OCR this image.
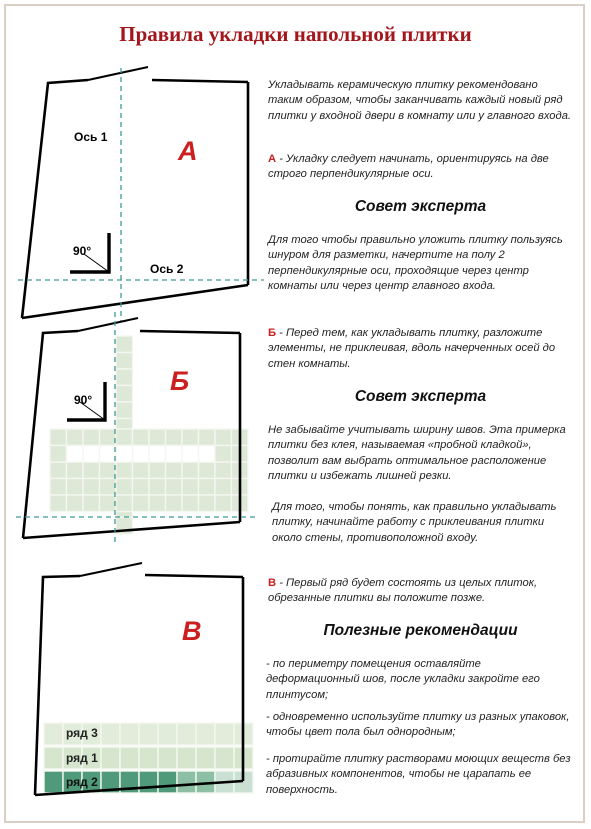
Правила укладки напольной плитки
Ось 1
Ось 2
90°
А
90°
Б
ряд 3
ряд 1
ряд 2
В

Укладывать керамическую плитку рекомендовано таким образом, чтобы заканчивать каждый новый ряд плитки у входной двери в комнату или у главного входа.

А - Укладку следует начинать, ориентируясь на две строго перпендикулярные оси.

Совет эксперта

Для того чтобы правильно уложить плитку пользуясь шнуром для разметки, начертите на полу 2 перпендикулярные оси, проходящие через центр комнаты или через центр главного входа.

Б - Перед тем, как укладывать плитку, разложите элементы, не приклеивая, вдоль начерченных осей до стен комнаты.

Совет эксперта

Не забывайте учитывать ширину швов. Эта примерка плитки без клея, называемая «пробной кладкой», позволит вам выбрать оптимальное расположение плитки и избежать лишней резки.

Для того, чтобы понять, как правильно укладывать плитку, начинайте работу с приклеивания плитки около стены, противоположной входу.

В - Первый ряд будет состоять из целых плиток, обрезанные плитки вы положите позже.

Полезные рекомендации

- по периметру помещения оставляйте деформационный шов, после укладки закройте его плинтусом;

- одновременно используйте плитку из разных упаковок, чтобы цвет пола был однородным;

- протирайте плитку растворами моющих веществ без абразивных компонентов, чтобы не царапать ее поверхность.
